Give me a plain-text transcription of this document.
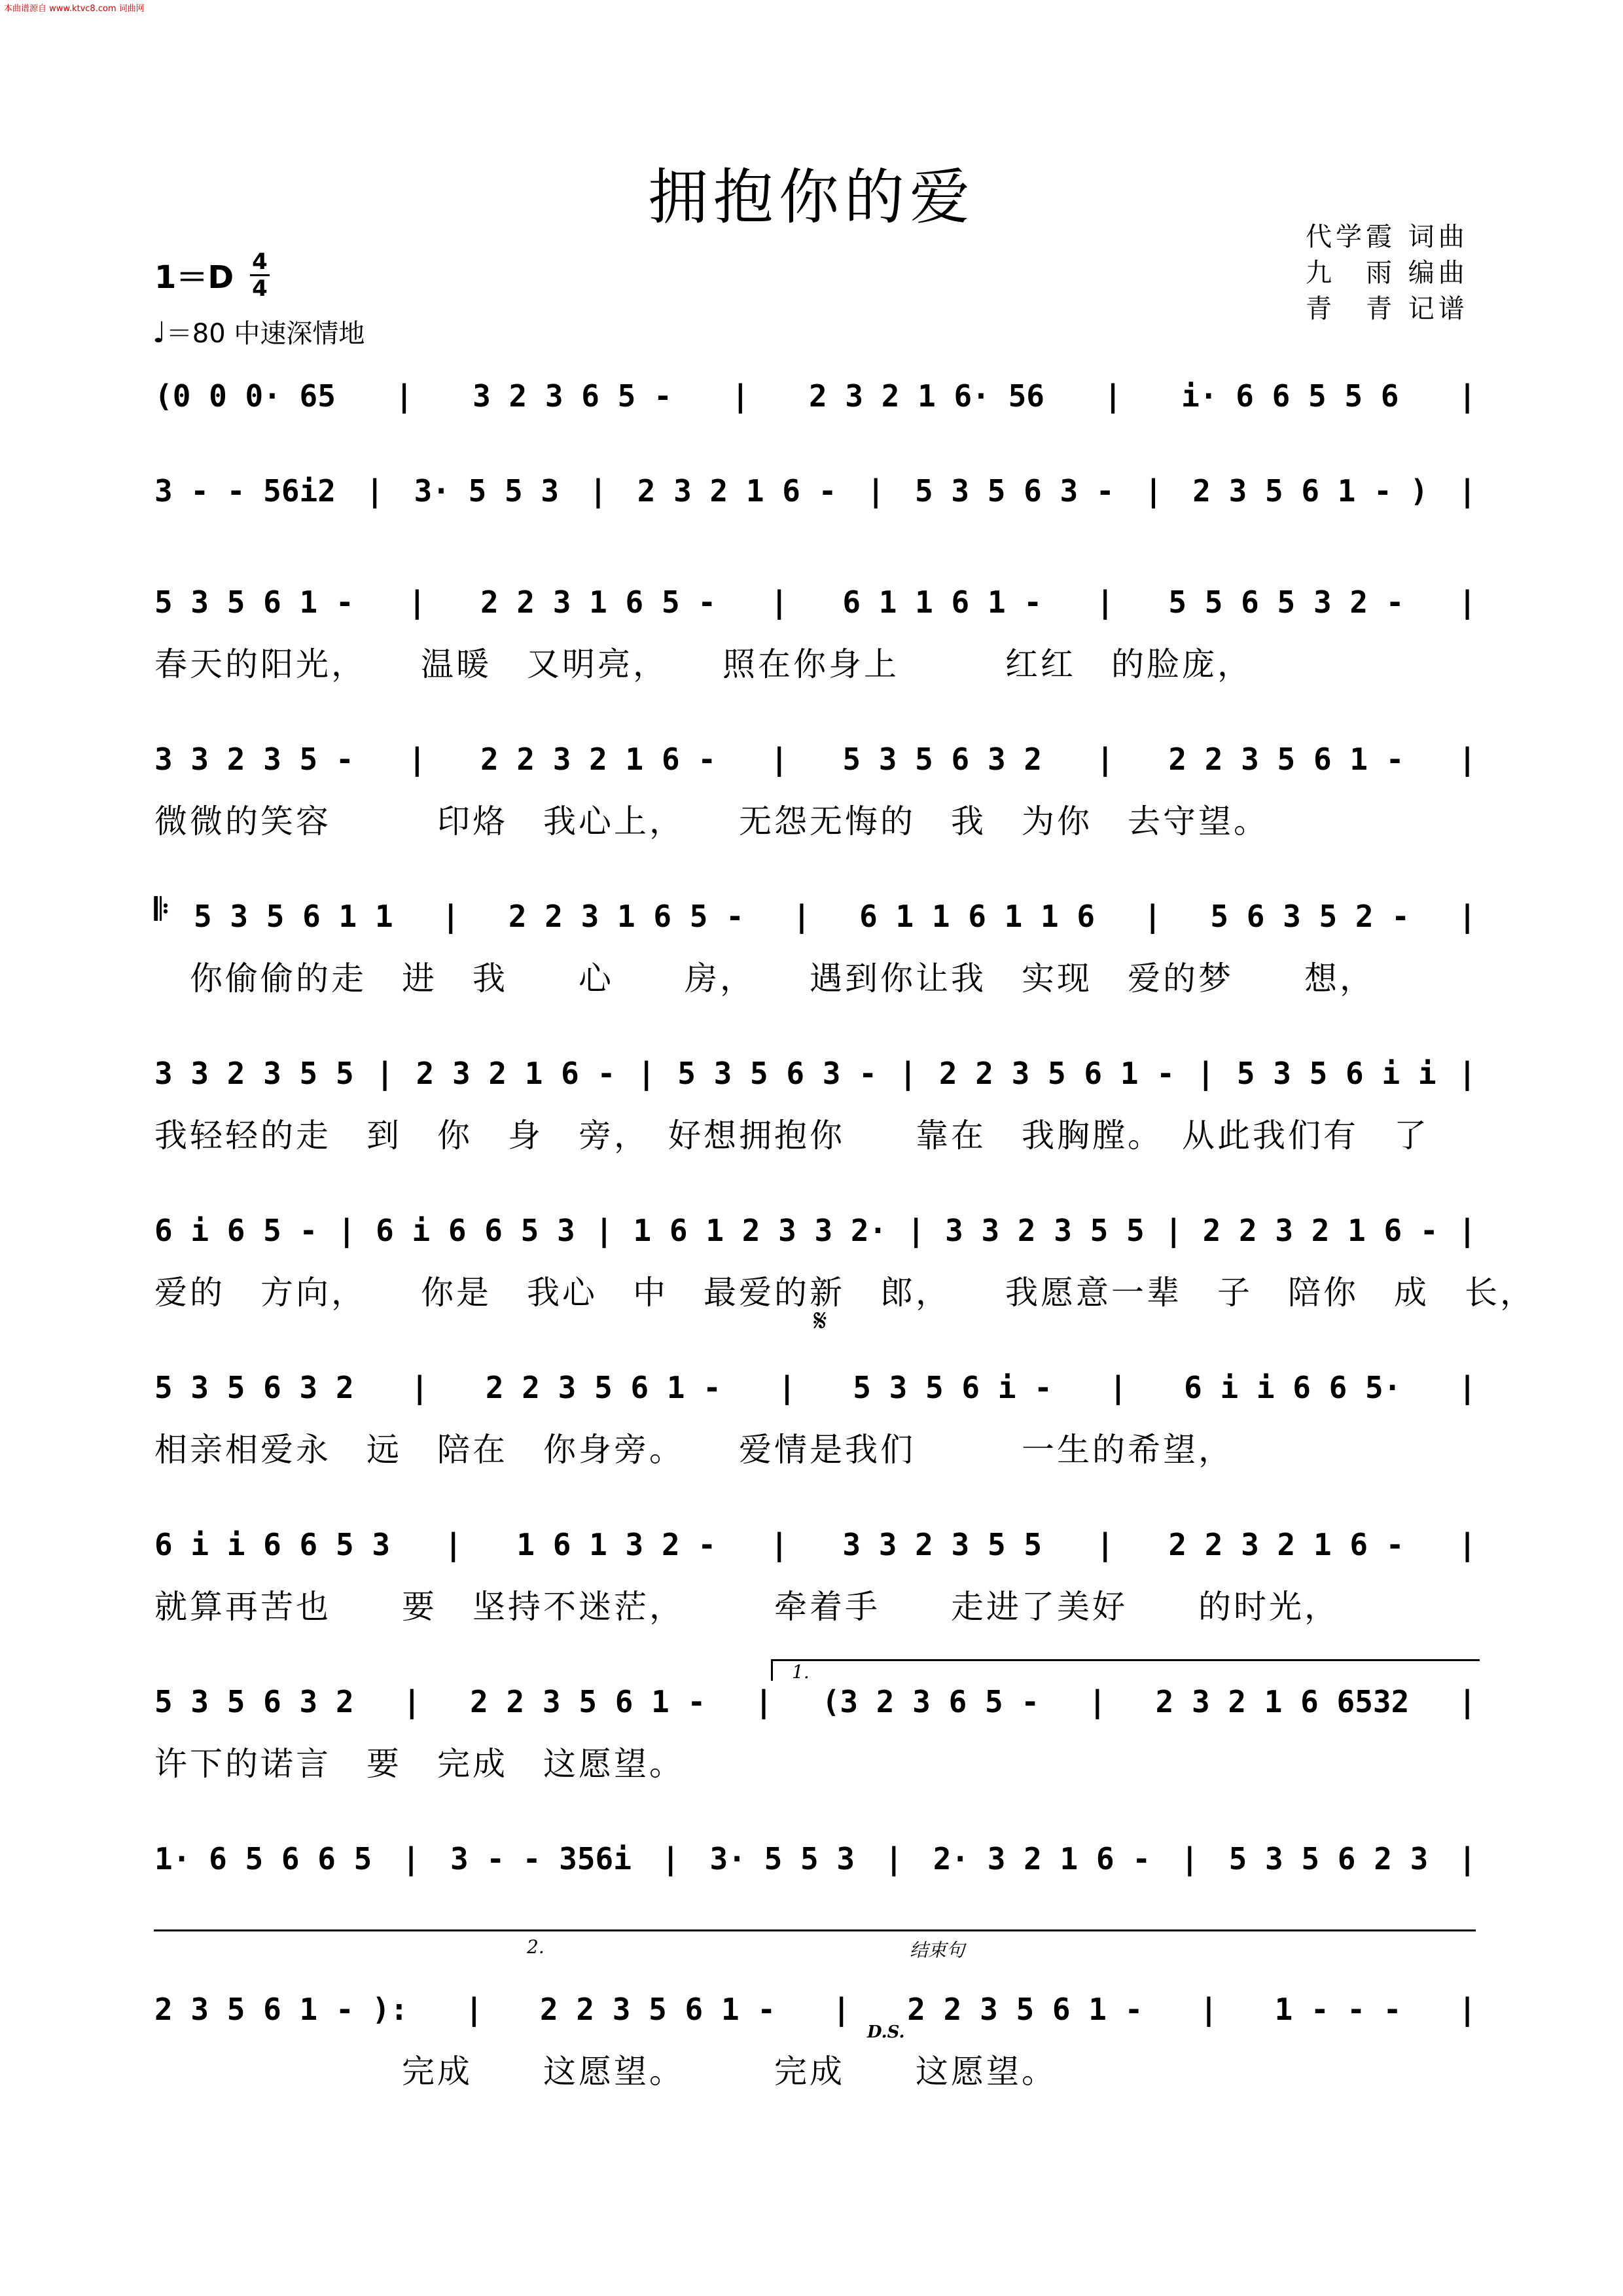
本曲谱源自 www.ktvc8.com 词曲网
拥抱你的爱
代学霞 词曲
九　雨 编曲
青　青 记谱
1＝D 4
4
♩＝80 中速深情地
(0 0 0· 65 | 3 2 3 6 5 - | 2 3 2 1 6· 56 | i· 6 6 5 5 6 |
3 - - 56i2 | 3· 5 5 3 | 2 3 2 1 6 - | 5 3 5 6 3 - | 2 3 5 6 1 - ) |
5 3 5 6 1 - | 2 2 3 1 6 5 - | 6 1 1 6 1 - | 5 5 6 5 3 2 - |
春天的阳光，　　温暖　又明亮，　　照在你身上　　　红红　的脸庞，
3 3 2 3 5 - | 2 2 3 2 1 6 - | 5 3 5 6 3 2 | 2 2 3 5 6 1 - |
微微的笑容　　　印烙　我心上，　　无怨无悔的　我　为你　去守望。
5 3 5 6 1 1 | 2 2 3 1 6 5 - | 6 1 1 6 1 1 6 | 5 6 3 5 2 - |
　你偷偷的走　进　我　　心　　房，　　遇到你让我　实现　爱的梦　　想，
3 3 2 3 5 5 | 2 3 2 1 6 - | 5 3 5 6 3 - | 2 2 3 5 6 1 - | 5 3 5 6 i i |
我轻轻的走　到　你　身　旁，　好想拥抱你　　靠在　我胸膛。　从此我们有　了
6 i 6 5 - | 6 i 6 6 5 3 | 1 6 1 2 3 3 2· | 3 3 2 3 5 5 | 2 2 3 2 1 6 - |
爱的　方向，　　你是　我心　中　最爱的新　郎，　　我愿意一辈　子　陪你　成　长，
5 3 5 6 3 2 | 2 2 3 5 6 1 - | 5 3 5 6 i - | 6 i i 6 6 5· |
相亲相爱永　远　陪在　你身旁。　　爱情是我们　　　一生的希望，
6 i i 6 6 5 3 | 1 6 1 3 2 - | 3 3 2 3 5 5 | 2 2 3 2 1 6 - |
就算再苦也　　要　坚持不迷茫，　　　牵着手　　走进了美好　　的时光，
5 3 5 6 3 2 | 2 2 3 5 6 1 - | (3 2 3 6 5 - | 2 3 2 1 6 6532 |
许下的诺言　要　完成　这愿望。
1· 6 5 6 6 5 | 3 - - 356i | 3· 5 5 3 | 2· 3 2 1 6 - | 5 3 5 6 2 3 |
2 3 5 6 1 - ): | 2 2 3 5 6 1 - | 2 2 3 5 6 1 - | 1 - - - |
　　　　　　　完成　　这愿望。　　　完成　　这愿望。
𝄋
1.
2.	结束句
D.S.
𝄆
